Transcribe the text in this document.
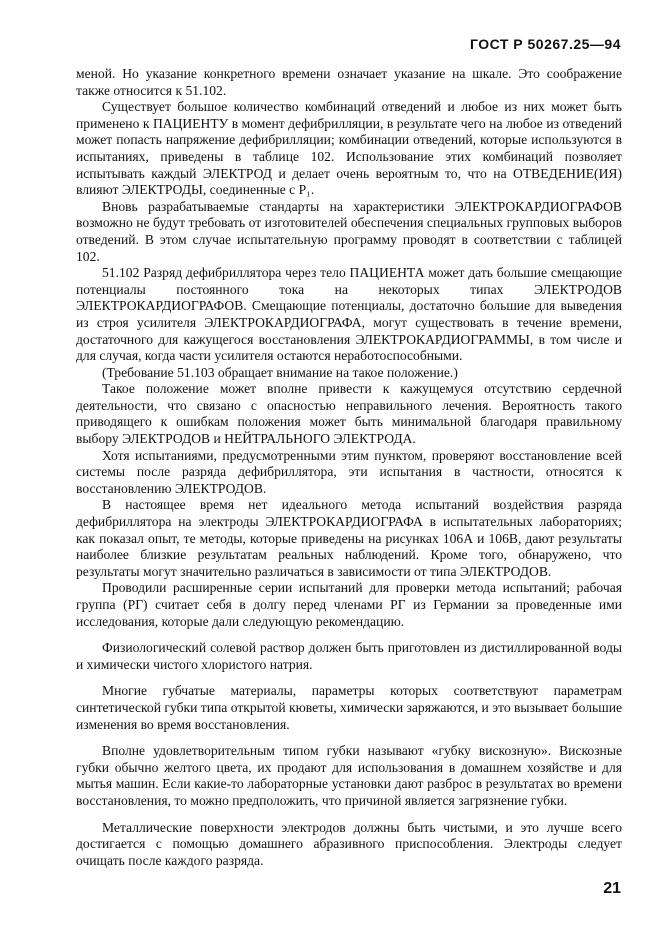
ГОСТ Р 50267.25—94

меной. Но указание конкретного времени означает указание на шкале. Это соображение также относится к 51.102.

Существует большое количество комбинаций отведений и любое из них может быть применено к ПАЦИЕНТУ в момент дефибрилляции, в результате чего на любое из отведений может попасть напряжение дефибрилляции; комбинации отведений, которые используются в испытаниях, приведены в таблице 102. Использование этих комбинаций позволяет испытывать каждый ЭЛЕКТРОД и делает очень вероятным то, что на ОТВЕДЕНИЕ(ИЯ) влияют ЭЛЕКТРОДЫ, соединенные с P₁.

Вновь разрабатываемые стандарты на характеристики ЭЛЕКТРОКАРДИОГРАФОВ возможно не будут требовать от изготовителей обеспечения специальных групповых выборов отведений. В этом случае испытательную программу проводят в соответствии с таблицей 102.

51.102 Разряд дефибриллятора через тело ПАЦИЕНТА может дать большие смещающие потенциалы постоянного тока на некоторых типах ЭЛЕКТРОДОВ ЭЛЕКТРОКАРДИОГРАФОВ. Смещающие потенциалы, достаточно большие для выведения из строя усилителя ЭЛЕКТРОКАРДИОГРАФА, могут существовать в течение времени, достаточного для кажущегося восстановления ЭЛЕКТРОКАРДИОГРАММЫ, в том числе и для случая, когда части усилителя остаются неработоспособными.

(Требование 51.103 обращает внимание на такое положение.)

Такое положение может вполне привести к кажущемуся отсутствию сердечной деятельности, что связано с опасностью неправильного лечения. Вероятность такого приводящего к ошибкам положения может быть минимальной благодаря правильному выбору ЭЛЕКТРОДОВ и НЕЙТРАЛЬНОГО ЭЛЕКТРОДА.

Хотя испытаниями, предусмотренными этим пунктом, проверяют восстановление всей системы после разряда дефибриллятора, эти испытания в частности, относятся к восстановлению ЭЛЕКТРОДОВ.

В настоящее время нет идеального метода испытаний воздействия разряда дефибриллятора на электроды ЭЛЕКТРОКАРДИОГРАФА в испытательных лабораториях; как показал опыт, те методы, которые приведены на рисунках 106А и 106В, дают результаты наиболее близкие результатам реальных наблюдений. Кроме того, обнаружено, что результаты могут значительно различаться в зависимости от типа ЭЛЕКТРОДОВ.

Проводили расширенные серии испытаний для проверки метода испытаний; рабочая группа (РГ) считает себя в долгу перед членами РГ из Германии за проведенные ими исследования, которые дали следующую рекомендацию.

Физиологический солевой раствор должен быть приготовлен из дистиллированной воды и химически чистого хлористого натрия.

Многие губчатые материалы, параметры которых соответствуют параметрам синтетической губки типа открытой кюветы, химически заряжаются, и это вызывает большие изменения во время восстановления.

Вполне удовлетворительным типом губки называют «губку вискозную». Вискозные губки обычно желтого цвета, их продают для использования в домашнем хозяйстве и для мытья машин. Если какие-то лабораторные установки дают разброс в результатах во времени восстановления, то можно предположить, что причиной является загрязнение губки.

Металлические поверхности электродов должны быть чистыми, и это лучше всего достигается с помощью домашнего абразивного приспособления. Электроды следует очищать после каждого разряда.

21
